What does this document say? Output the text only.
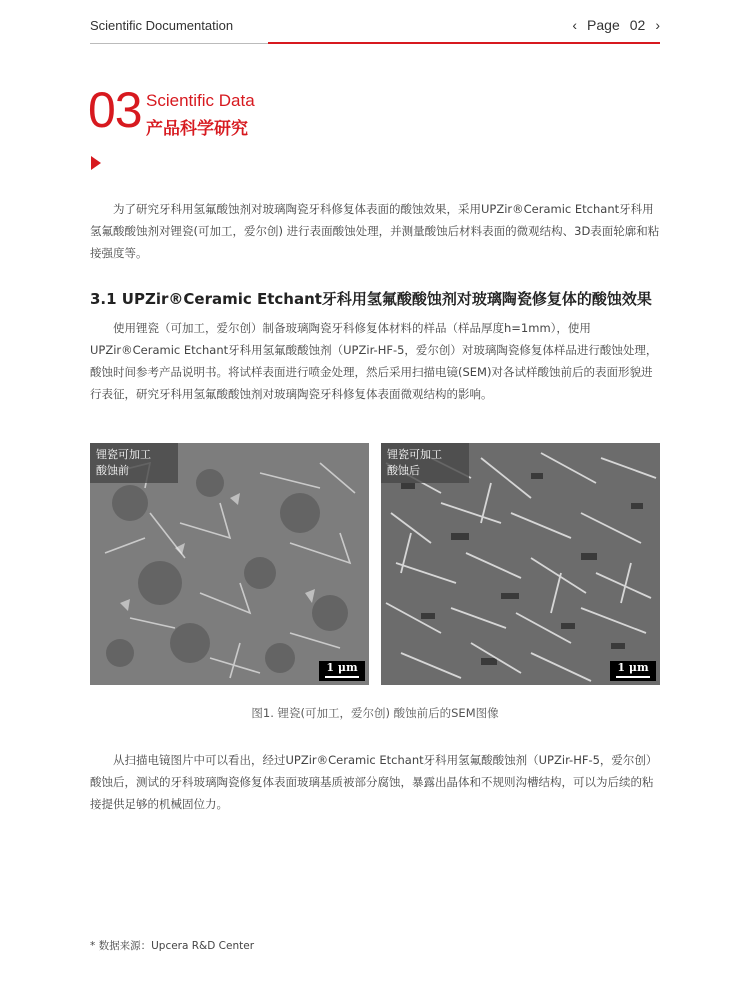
Scientific Documentation	‹ Page 02 ›
03 Scientific Data
产品科学研究

为了研究牙科用氢氟酸蚀剂对玻璃陶瓷牙科修复体表面的酸蚀效果，采用UPZir®Ceramic Etchant牙科用氢氟酸酸蚀剂对锂瓷(可加工，爱尔创) 进行表面酸蚀处理，并测量酸蚀后材料表面的微观结构、3D表面轮廓和粘接强度等。

3.1 UPZir®Ceramic Etchant牙科用氢氟酸酸蚀剂对玻璃陶瓷修复体的酸蚀效果

使用锂瓷（可加工，爱尔创）制备玻璃陶瓷牙科修复体材料的样品（样品厚度h=1mm），使用UPZir®Ceramic Etchant牙科用氢氟酸酸蚀剂（UPZir-HF-5，爱尔创）对玻璃陶瓷修复体样品进行酸蚀处理，酸蚀时间参考产品说明书。将试样表面进行喷金处理，然后采用扫描电镜(SEM)对各试样酸蚀前后的表面形貌进行表征，研究牙科用氢氟酸酸蚀剂对玻璃陶瓷牙科修复体表面微观结构的影响。

锂瓷可加工
酸蚀前
1 μm
锂瓷可加工
酸蚀后
1 μm
图1. 锂瓷(可加工，爱尔创) 酸蚀前后的SEM图像

从扫描电镜图片中可以看出，经过UPZir®Ceramic Etchant牙科用氢氟酸酸蚀剂（UPZir-HF-5，爱尔创）酸蚀后，测试的牙科玻璃陶瓷修复体表面玻璃基质被部分腐蚀，暴露出晶体和不规则沟槽结构，可以为后续的粘接提供足够的机械固位力。

* 数据来源：Upcera R&D Center
